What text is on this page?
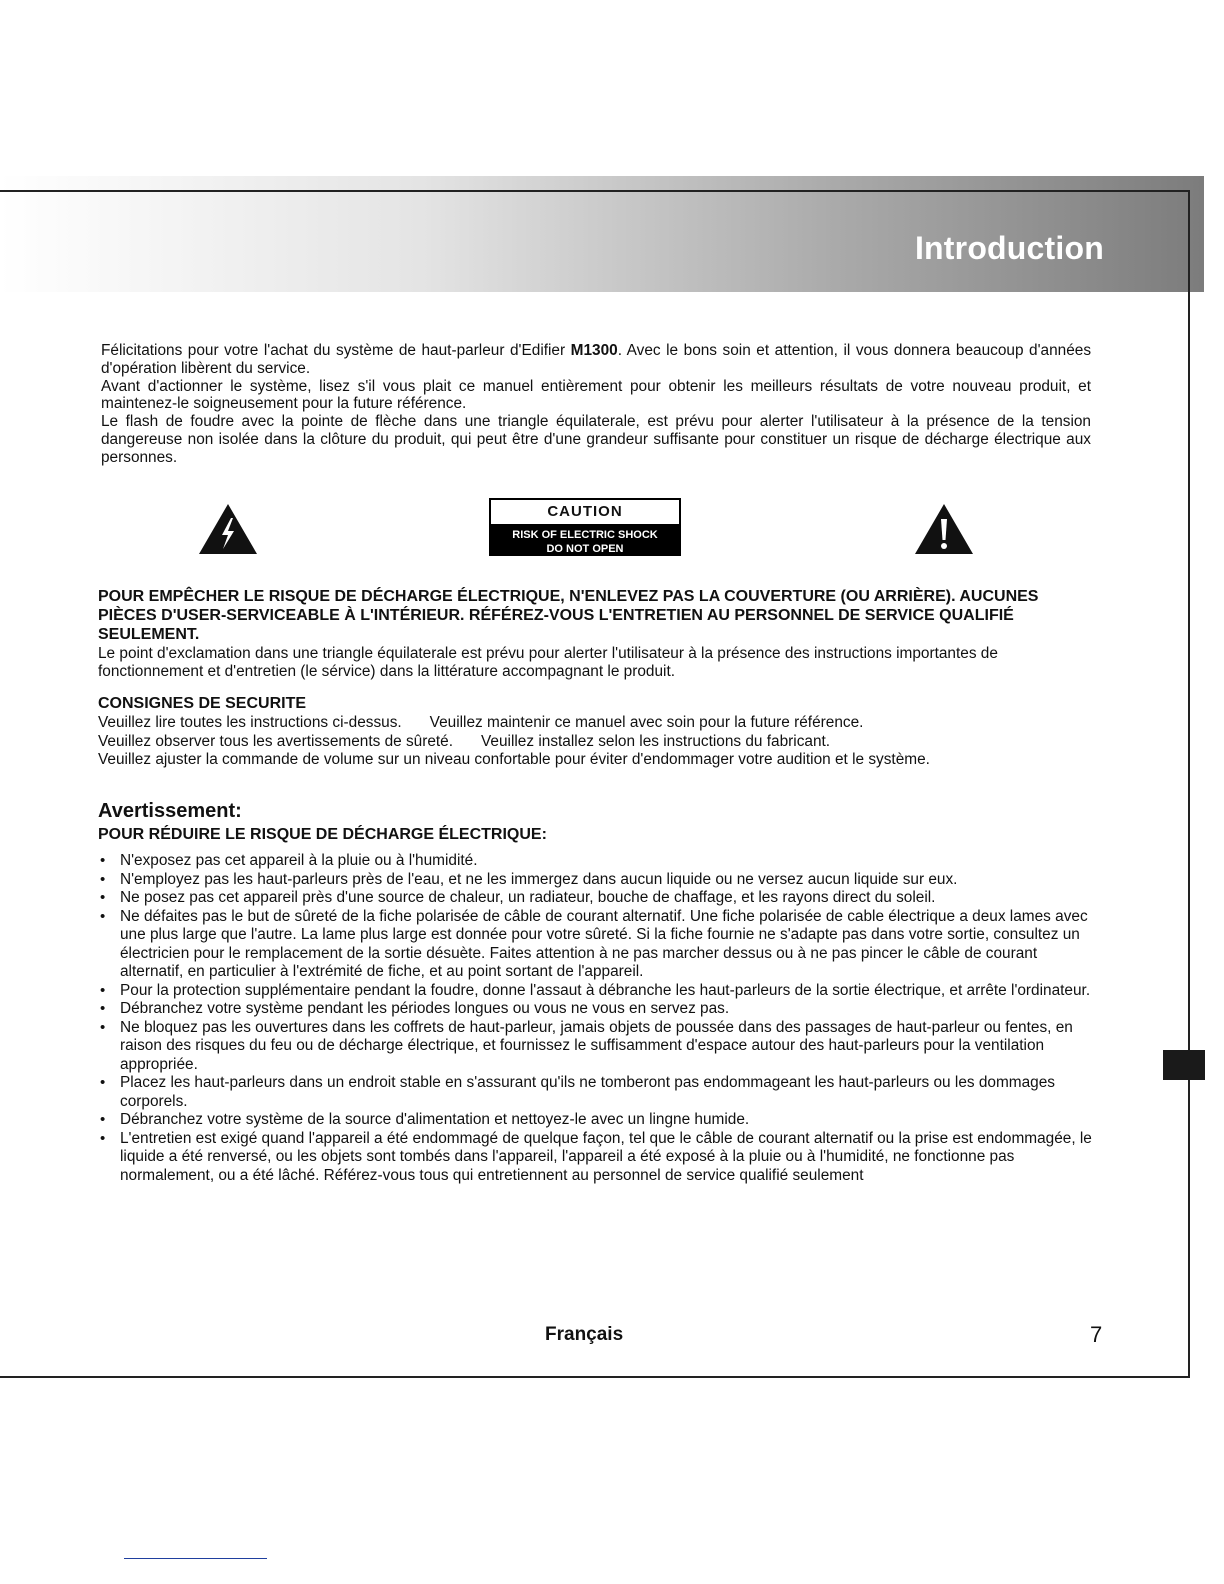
Introduction

Félicitations pour votre l'achat du système de haut-parleur d'Edifier M1300. Avec le bons soin et attention, il vous donnera beaucoup d'années d'opération libèrent du service.

Avant d'actionner le système, lisez s'il vous plait ce manuel entièrement pour obtenir les meilleurs résultats de votre nouveau produit, et maintenez-le soigneusement pour la future référence.

Le flash de foudre avec la pointe de flèche dans une triangle équilaterale, est prévu pour alerter l'utilisateur à la présence de la tension dangereuse non isolée dans la clôture du produit, qui peut être d'une grandeur suffisante pour constituer un risque de décharge électrique aux personnes.

CAUTION
RISK OF ELECTRIC SHOCK
DO NOT OPEN
POUR EMPÊCHER LE RISQUE DE DÉCHARGE ÉLECTRIQUE, N'ENLEVEZ PAS LA COUVERTURE (OU ARRIÈRE). AUCUNES PIÈCES D'USER-SERVICEABLE À L'INTÉRIEUR. RÉFÉREZ-VOUS L'ENTRETIEN AU PERSONNEL DE SERVICE QUALIFIÉ SEULEMENT.
Le point d'exclamation dans une triangle équilaterale est prévu pour alerter l'utilisateur à la présence des instructions importantes de fonctionnement et d'entretien (le sérvice) dans la littérature accompagnant le produit.
CONSIGNES DE SECURITE

Veuillez lire toutes les instructions ci-dessus. Veuillez maintenir ce manuel avec soin pour la future référence.

Veuillez observer tous les avertissements de sûreté. Veuillez installez selon les instructions du fabricant.

Veuillez ajuster la commande de volume sur un niveau confortable pour éviter d'endommager votre audition et le système.

Avertissement:
POUR RÉDUIRE LE RISQUE DE DÉCHARGE ÉLECTRIQUE:
• N'exposez pas cet appareil à la pluie ou à l'humidité.
• N'employez pas les haut-parleurs près de l'eau, et ne les immergez dans aucun liquide ou ne versez aucun liquide sur eux.
• Ne posez pas cet appareil près d'une source de chaleur, un radiateur, bouche de chaffage, et les rayons direct du soleil.
• Ne défaites pas le but de sûreté de la fiche polarisée de câble de courant alternatif. Une fiche polarisée de cable électrique a deux lames avec une plus large que l'autre. La lame plus large est donnée pour votre sûreté. Si la fiche fournie ne s'adapte pas dans votre sortie, consultez un électricien pour le remplacement de la sortie désuète. Faites attention à ne pas marcher dessus ou à ne pas pincer le câble de courant alternatif, en particulier à l'extrémité de fiche, et au point sortant de l'appareil.
• Pour la protection supplémentaire pendant la foudre, donne l'assaut à débranche les haut-parleurs de la sortie électrique, et arrête l'ordinateur.
• Débranchez votre système pendant les périodes longues ou vous ne vous en servez pas.
• Ne bloquez pas les ouvertures dans les coffrets de haut-parleur, jamais objets de poussée dans des passages de haut-parleur ou fentes, en raison des risques du feu ou de décharge électrique, et fournissez le suffisamment d'espace autour des haut-parleurs pour la ventilation appropriée.
• Placez les haut-parleurs dans un endroit stable en s'assurant qu'ils ne tomberont pas endommageant les haut-parleurs ou les dommages corporels.
• Débranchez votre système de la source d'alimentation et nettoyez-le avec un lingne humide.
• L'entretien est exigé quand l'appareil a été endommagé de quelque façon, tel que le câble de courant alternatif ou la prise est endommagée, le liquide a été renversé, ou les objets sont tombés dans l'appareil, l'appareil a été exposé à la pluie ou à l'humidité, ne fonctionne pas normalement, ou a été lâché. Référez-vous tous qui entretiennent au personnel de service qualifié seulement
Français	7
